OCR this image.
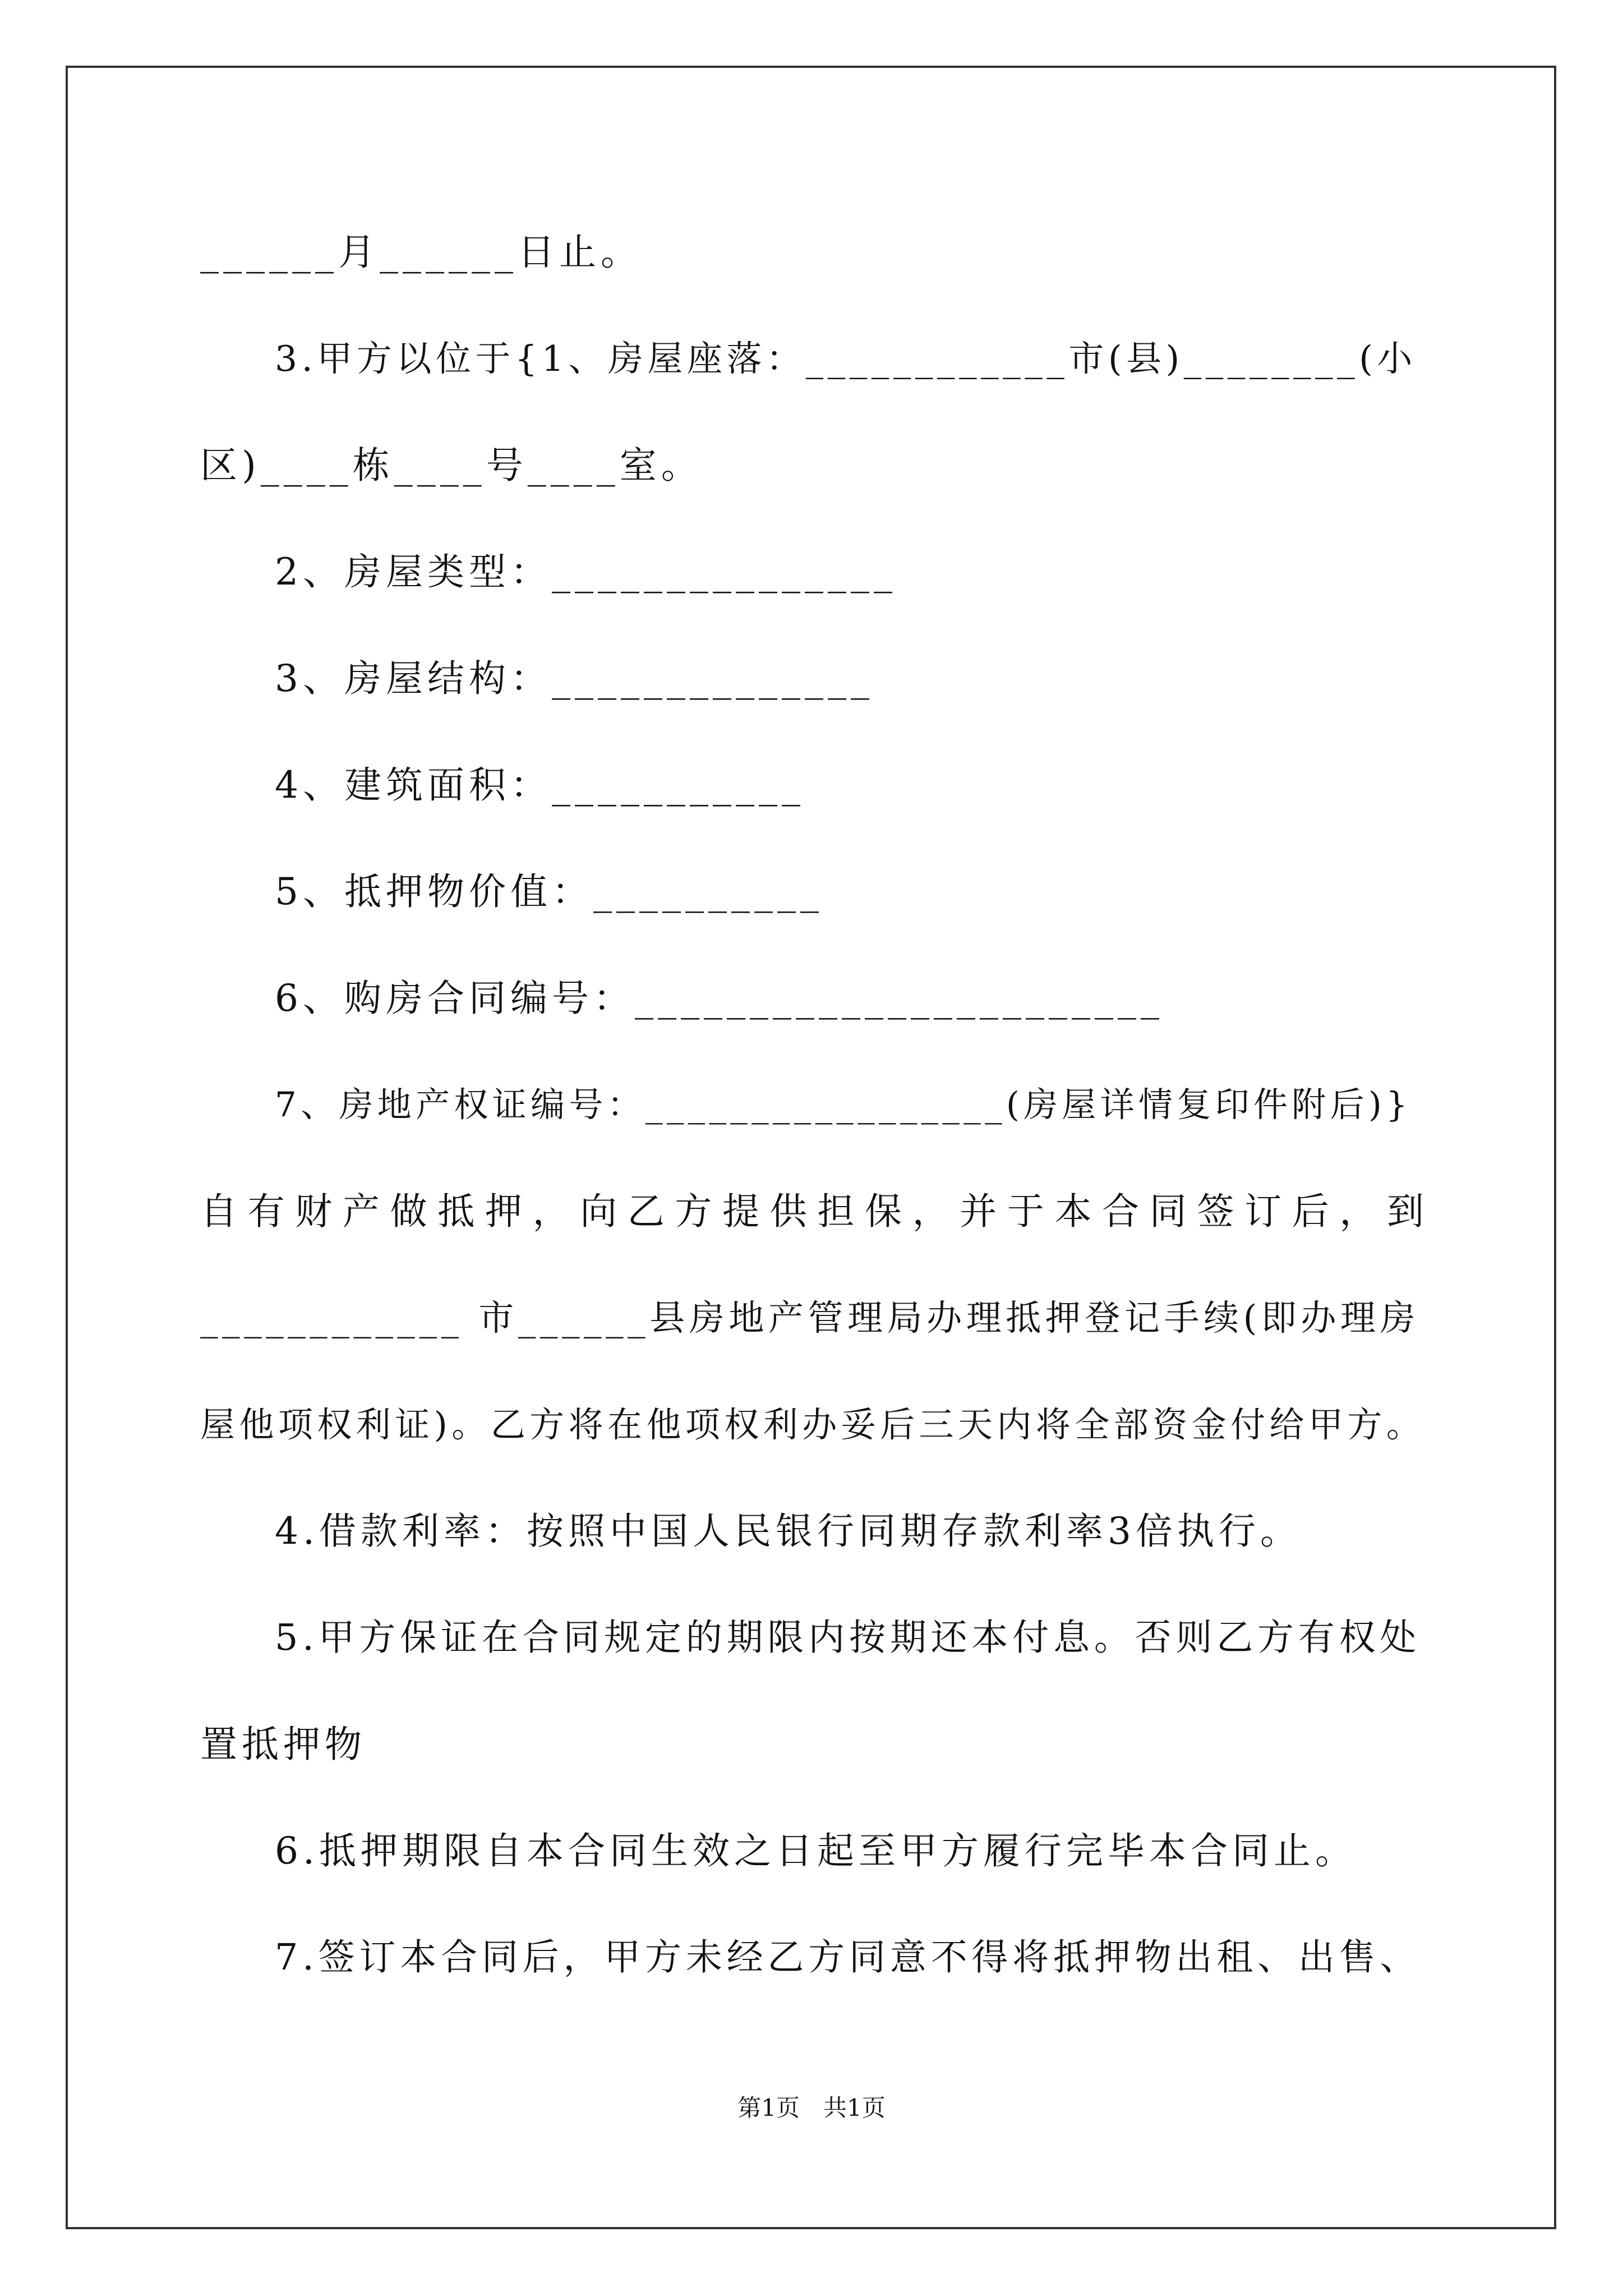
______月______日止。
3.甲方以位于{1、房屋座落：____________市(县)________(小
区)____栋____号____室。
2、房屋类型：_______________
3、房屋结构：______________
4、建筑面积：___________
5、抵押物价值：__________
6、购房合同编号：_______________________
7、房地产权证编号：_________________(房屋详情复印件附后)}
自有财产做抵押，向乙方提供担保，并于本合同签订后，到
____________ 市______县房地产管理局办理抵押登记手续(即办理房
屋他项权利证)。乙方将在他项权利办妥后三天内将全部资金付给甲方。
4.借款利率：按照中国人民银行同期存款利率3倍执行。
5.甲方保证在合同规定的期限内按期还本付息。否则乙方有权处
置抵押物
6.抵押期限自本合同生效之日起至甲方履行完毕本合同止。
7.签订本合同后，甲方未经乙方同意不得将抵押物出租、出售、
第1页　共1页
